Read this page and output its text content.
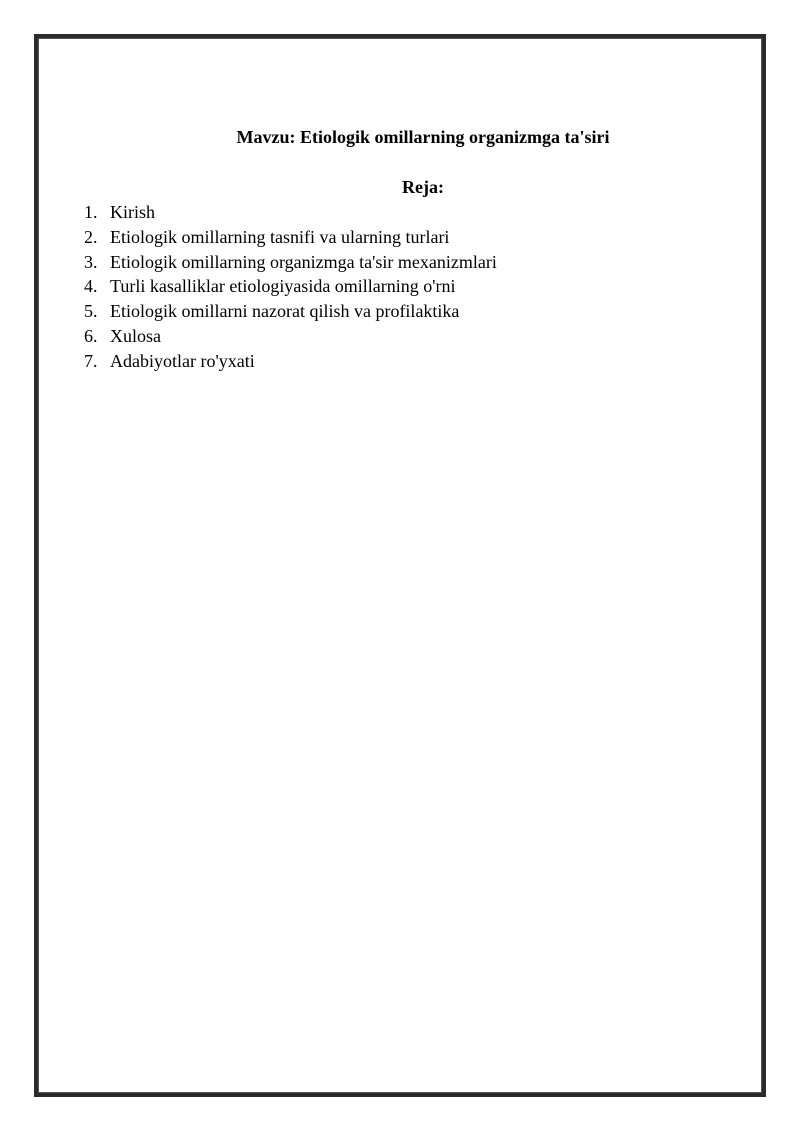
Mavzu: Etiologik omillarning organizmga ta'siri
Reja:
1. Kirish
2. Etiologik omillarning tasnifi va ularning turlari
3. Etiologik omillarning organizmga ta'sir mexanizmlari
4. Turli kasalliklar etiologiyasida omillarning o'rni
5. Etiologik omillarni nazorat qilish va profilaktika
6. Xulosa
7. Adabiyotlar ro'yxati
